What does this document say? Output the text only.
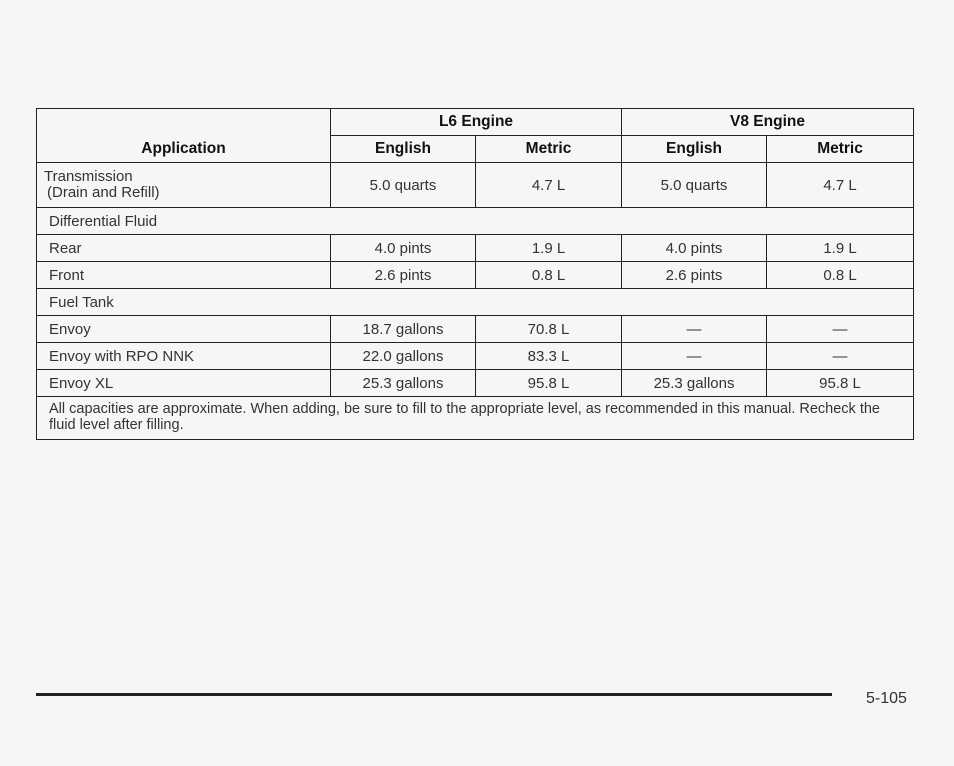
Application	L6 Engine		V8 Engine	
	English	Metric	English	Metric
Transmission
(Drain and Refill)	5.0 quarts	4.7 L	5.0 quarts	4.7 L
Differential Fluid				
Rear	4.0 pints	1.9 L	4.0 pints	1.9 L
Front	2.6 pints	0.8 L	2.6 pints	0.8 L
Fuel Tank				
Envoy	18.7 gallons	70.8 L	—	—
Envoy with RPO NNK	22.0 gallons	83.3 L	—	—
Envoy XL	25.3 gallons	95.8 L	25.3 gallons	95.8 L
All capacities are approximate. When adding, be sure to fill to the appropriate level, as recommended in this manual. Recheck the fluid level after filling.				
5-105
